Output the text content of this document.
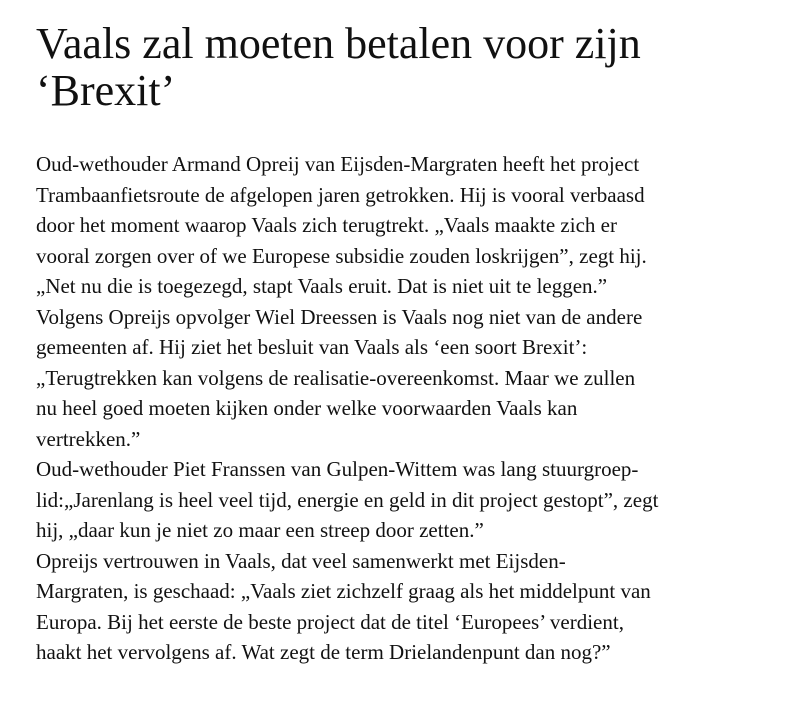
Vaals zal moeten betalen voor zijn
‘Brexit’
Oud-wethouder Armand Opreij van Eijsden-Margraten heeft het project
Trambaanfietsroute de afgelopen jaren getrokken. Hij is vooral verbaasd
door het moment waarop Vaals zich terugtrekt. „Vaals maakte zich er
vooral zorgen over of we Europese subsidie zouden loskrijgen”, zegt hij.
„Net nu die is toegezegd, stapt Vaals eruit. Dat is niet uit te leggen.”
Volgens Opreijs opvolger Wiel Dreessen is Vaals nog niet van de andere
gemeenten af. Hij ziet het besluit van Vaals als ‘een soort Brexit’:
„Terugtrekken kan volgens de realisatie-overeenkomst. Maar we zullen
nu heel goed moeten kijken onder welke voorwaarden Vaals kan
vertrekken.”
Oud-wethouder Piet Franssen van Gulpen-Wittem was lang stuurgroep-
lid:„Jarenlang is heel veel tijd, energie en geld in dit project gestopt”, zegt
hij, „daar kun je niet zo maar een streep door zetten.”
Opreijs vertrouwen in Vaals, dat veel samenwerkt met Eijsden-
Margraten, is geschaad: „Vaals ziet zichzelf graag als het middelpunt van
Europa. Bij het eerste de beste project dat de titel ‘Europees’ verdient,
haakt het vervolgens af. Wat zegt de term Drielandenpunt dan nog?”
